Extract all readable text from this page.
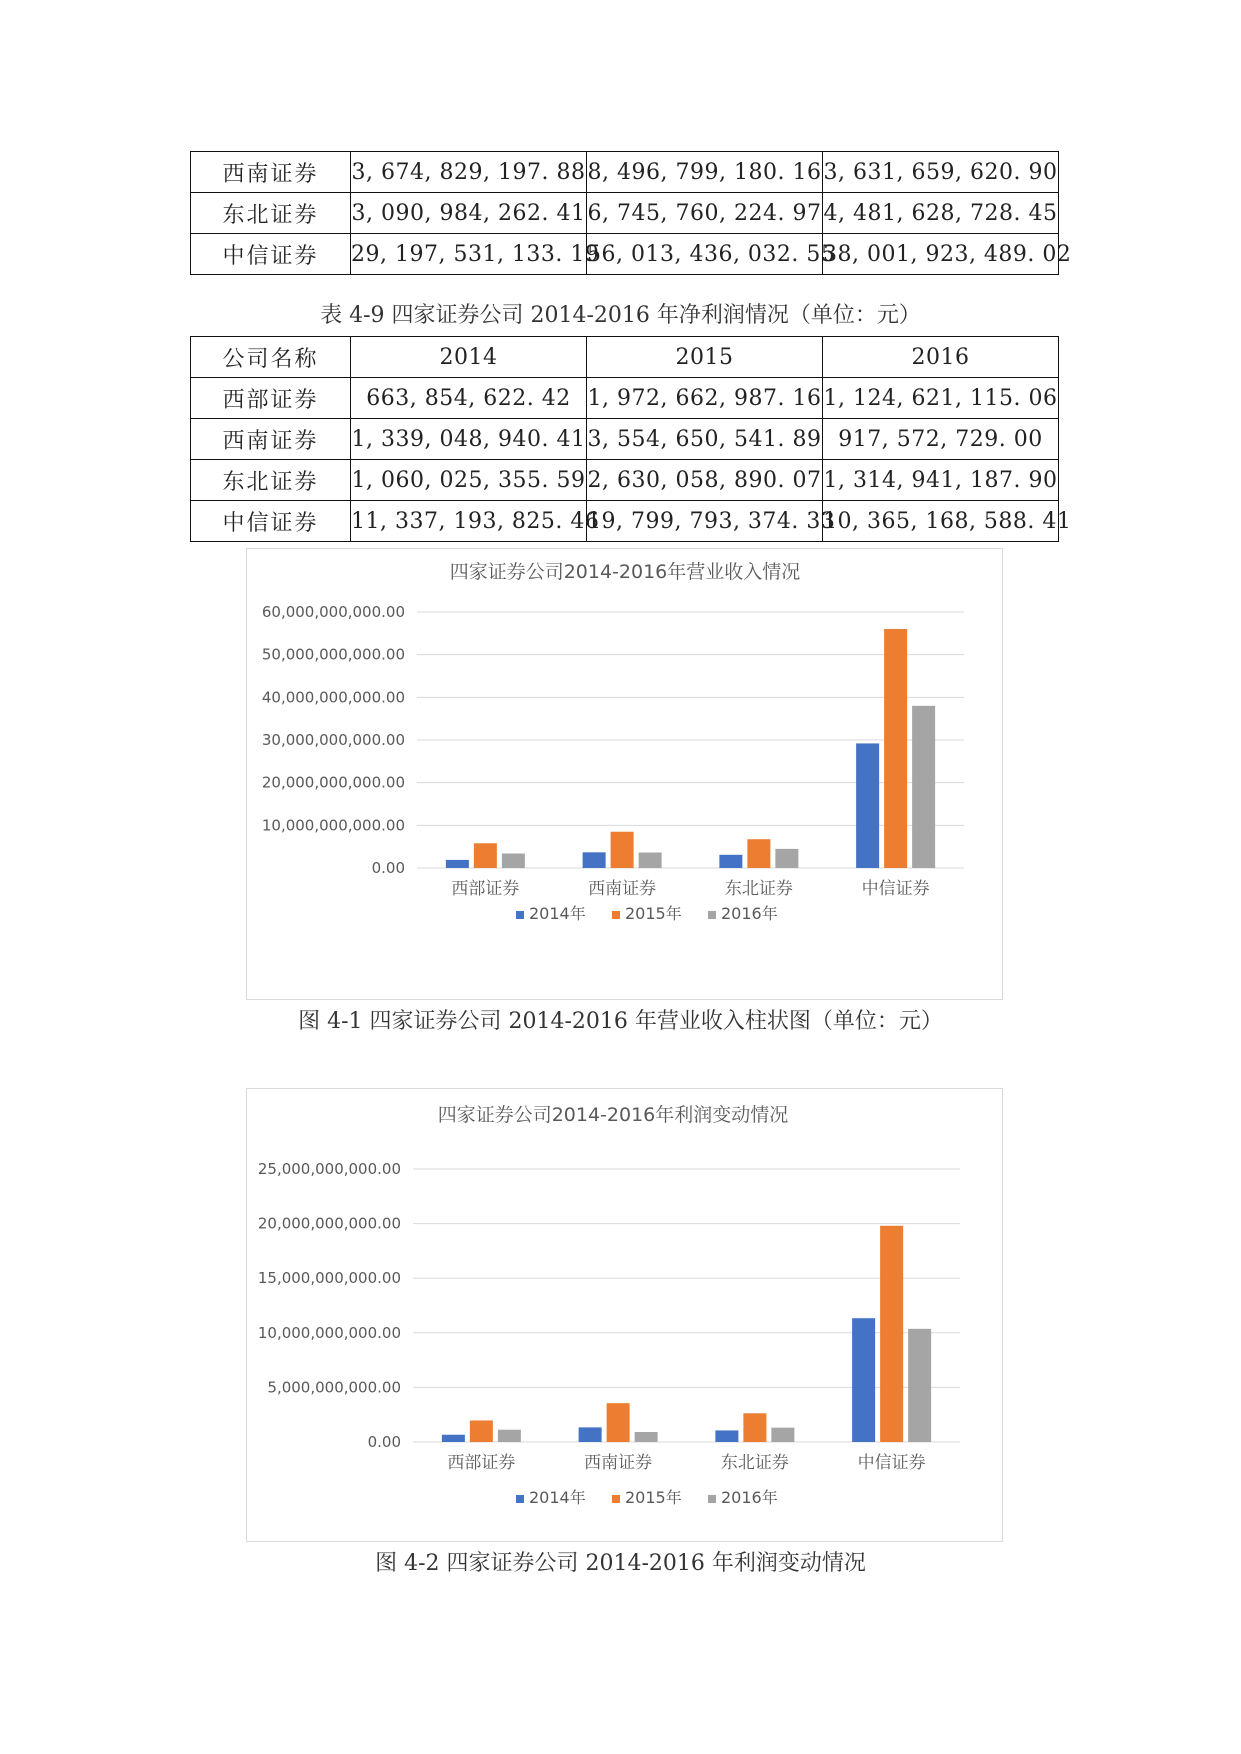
西南证券	3, 674, 829, 197. 88	8, 496, 799, 180. 16	3, 631, 659, 620. 90
东北证券	3, 090, 984, 262. 41	6, 745, 760, 224. 97	4, 481, 628, 728. 45
中信证券	29, 197, 531, 133. 19	56, 013, 436, 032. 55	38, 001, 923, 489. 02
表 4-9 四家证券公司 2014-2016 年净利润情况（单位：元）
公司名称	2014	2015	2016
西部证券	663, 854, 622. 42	1, 972, 662, 987. 16	1, 124, 621, 115. 06
西南证券	1, 339, 048, 940. 41	3, 554, 650, 541. 89	917, 572, 729. 00
东北证券	1, 060, 025, 355. 59	2, 630, 058, 890. 07	1, 314, 941, 187. 90
中信证券	11, 337, 193, 825. 46	19, 799, 793, 374. 33	10, 365, 168, 588. 41
四家证券公司2014-2016年营业收入情况
0.00
10,000,000,000.00
20,000,000,000.00
30,000,000,000.00
40,000,000,000.00
50,000,000,000.00
60,000,000,000.00
西部证券	西南证券	东北证券	中信证券
2014年 2015年 2016年
图 4-1 四家证券公司 2014-2016 年营业收入柱状图（单位：元）
四家证券公司2014-2016年利润变动情况
0.00
5,000,000,000.00
10,000,000,000.00
15,000,000,000.00
20,000,000,000.00
25,000,000,000.00
西部证券	西南证券	东北证券	中信证券
2014年 2015年 2016年
图 4-2 四家证券公司 2014-2016 年利润变动情况
